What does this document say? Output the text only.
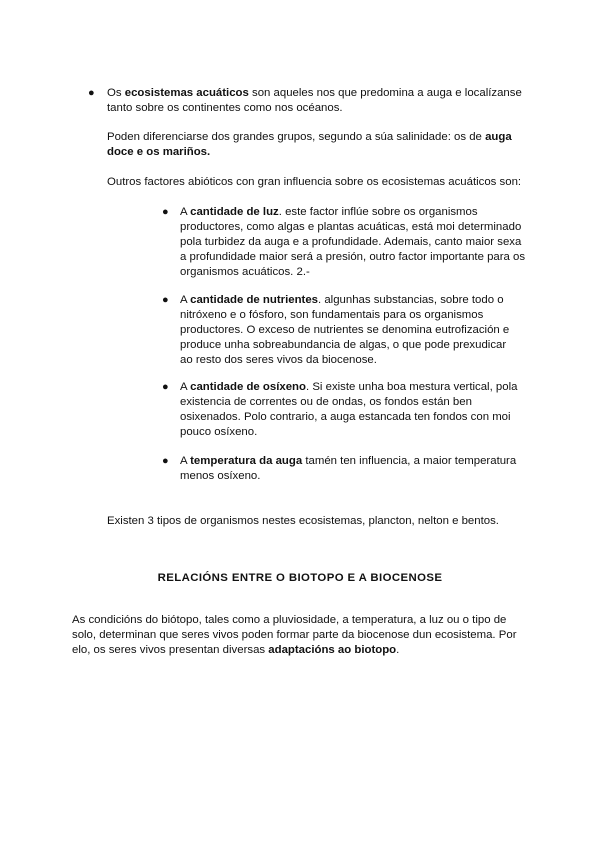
● Os ecosistemas acuáticos son aqueles nos que predomina a auga e localízanse tanto sobre os continentes como nos océanos.

Poden diferenciarse dos grandes grupos, segundo a súa salinidade: os de auga doce e os mariños.

Outros factores abióticos con gran influencia sobre os ecosistemas acuáticos son:

● A cantidade de luz. este factor inflúe sobre os organismos productores, como algas e plantas acuáticas, está moi determinado pola turbidez da auga e a profundidade. Ademais, canto maior sexa a profundidade maior será a presión, outro factor importante para os organismos acuáticos. 2.-

● A cantidade de nutrientes. algunhas substancias, sobre todo o nitróxeno e o fósforo, son fundamentais para os organismos productores. O exceso de nutrientes se denomina eutrofización e produce unha sobreabundancia de algas, o que pode prexudicar ao resto dos seres vivos da biocenose.

● A cantidade de osíxeno. Si existe unha boa mestura vertical, pola existencia de correntes ou de ondas, os fondos están ben osixenados. Polo contrario, a auga estancada ten fondos con moi pouco osíxeno.

● A temperatura da auga tamén ten influencia, a maior temperatura menos osíxeno.

Existen 3 tipos de organismos nestes ecosistemas, plancton, nelton e bentos.

RELACIÓNS ENTRE O BIOTOPO E A BIOCENOSE

As condicións do biótopo, tales como a pluviosidade, a temperatura, a luz ou o tipo de solo, determinan que seres vivos poden formar parte da biocenose dun ecosistema. Por elo, os seres vivos presentan diversas adaptacións ao biotopo.
